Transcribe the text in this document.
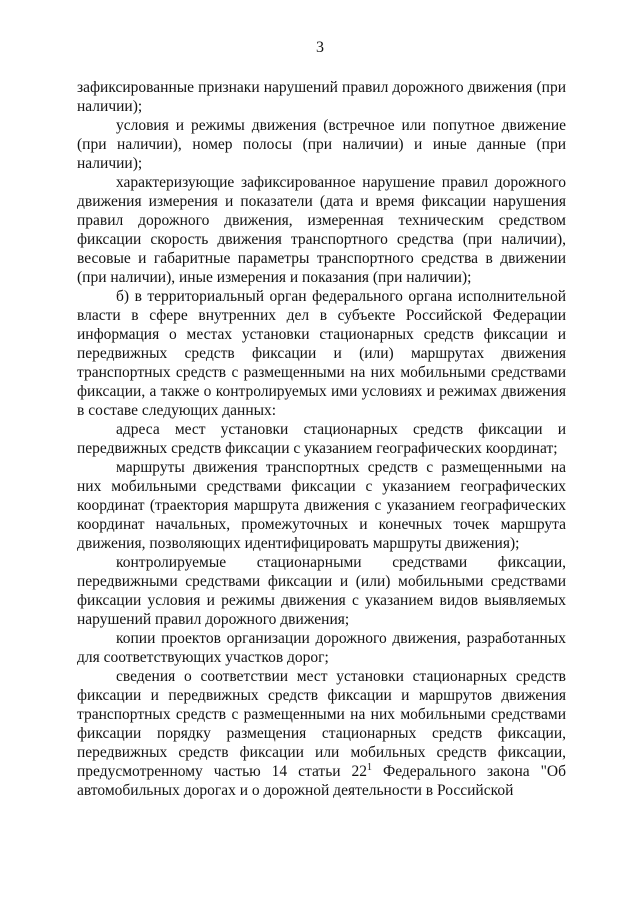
3

зафиксированные признаки нарушений правил дорожного движения (при наличии);

условия и режимы движения (встречное или попутное движение (при наличии), номер полосы (при наличии) и иные данные (при наличии);

характеризующие зафиксированное нарушение правил дорожного движения измерения и показатели (дата и время фиксации нарушения правил дорожного движения, измеренная техническим средством фиксации скорость движения транспортного средства (при наличии), весовые и габаритные параметры транспортного средства в движении (при наличии), иные измерения и показания (при наличии);

б) в территориальный орган федерального органа исполнительной власти в сфере внутренних дел в субъекте Российской Федерации информация о местах установки стационарных средств фиксации и передвижных средств фиксации и (или) маршрутах движения транспортных средств с размещенными на них мобильными средствами фиксации, а также о контролируемых ими условиях и режимах движения в составе следующих данных:

адреса мест установки стационарных средств фиксации и передвижных средств фиксации с указанием географических координат;

маршруты движения транспортных средств с размещенными на них мобильными средствами фиксации с указанием географических координат (траектория маршрута движения с указанием географических координат начальных, промежуточных и конечных точек маршрута движения, позволяющих идентифицировать маршруты движения);

контролируемые стационарными средствами фиксации, передвижными средствами фиксации и (или) мобильными средствами фиксации условия и режимы движения с указанием видов выявляемых нарушений правил дорожного движения;

копии проектов организации дорожного движения, разработанных для соответствующих участков дорог;

сведения о соответствии мест установки стационарных средств фиксации и передвижных средств фиксации и маршрутов движения транспортных средств с размещенными на них мобильными средствами фиксации порядку размещения стационарных средств фиксации, передвижных средств фиксации или мобильных средств фиксации, предусмотренному частью 14 статьи $22^1$ Федерального закона "Об автомобильных дорогах и о дорожной деятельности в Российской
